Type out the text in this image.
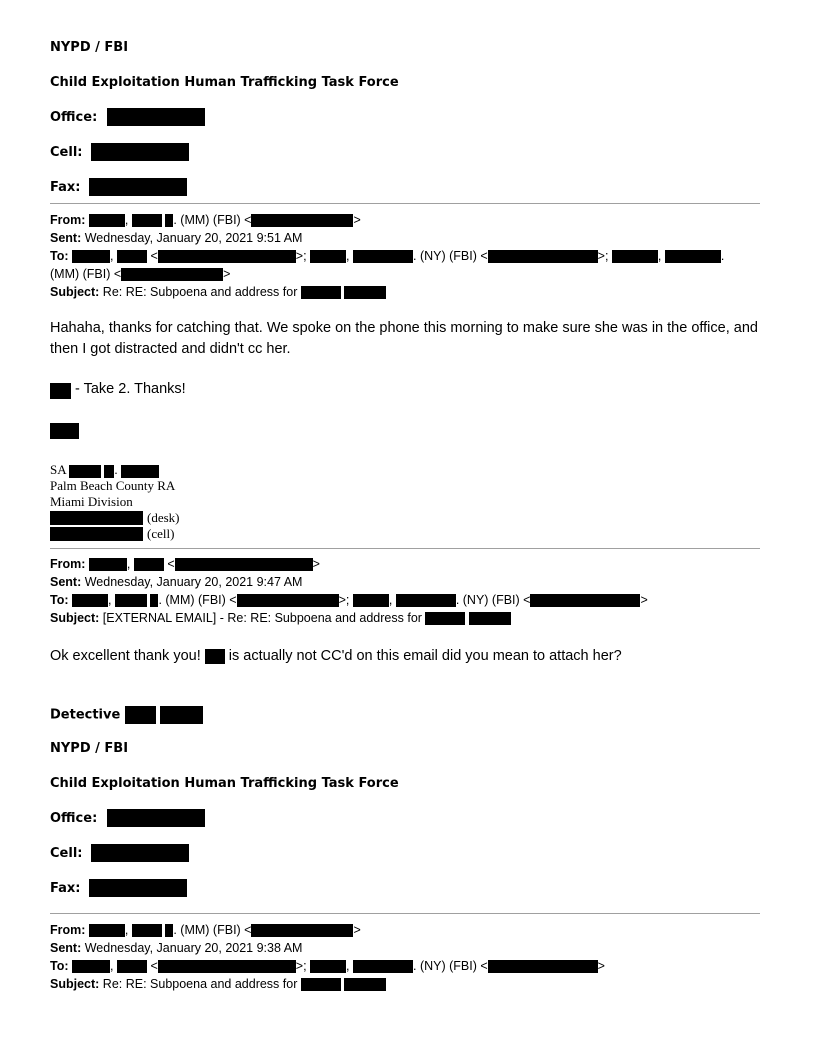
NYPD / FBI
Child Exploitation Human Trafficking Task Force
Office:
Cell:
Fax:
From:	,	. (MM) (FBI) <	>
Sent: Wednesday, January 20, 2021 9:51 AM
To:	,	<	>;	,	. (NY) (FBI) <	>;	,	.
(MM) (FBI) <	>
Subject: Re: RE: Subpoena and address for
Hahaha, thanks for catching that. We spoke on the phone this morning to make sure she was in the office, and
then I got distracted and didn't cc her.
- Take 2. Thanks!
SA	.
Palm Beach County RA
Miami Division
(desk)
(cell)
From:	,	<	>
Sent: Wednesday, January 20, 2021 9:47 AM
To:	,	. (MM) (FBI) <	>;	,	. (NY) (FBI) <	>
Subject: [EXTERNAL EMAIL] - Re: RE: Subpoena and address for
Ok excellent thank you! is actually not CC'd on this email did you mean to attach her?
Detective
NYPD / FBI
Child Exploitation Human Trafficking Task Force
Office:
Cell:
Fax:
From:	,	. (MM) (FBI) <	>
Sent: Wednesday, January 20, 2021 9:38 AM
To:	,	<	>;	,	. (NY) (FBI) <	>
Subject: Re: RE: Subpoena and address for
